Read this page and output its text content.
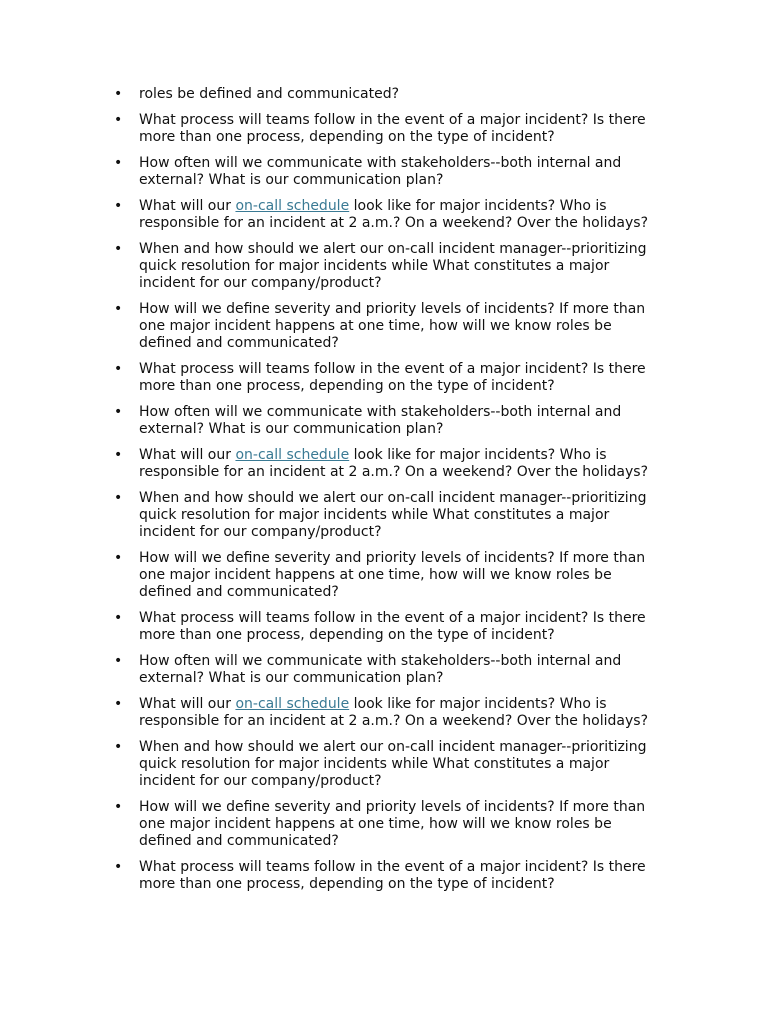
• roles be defined and communicated?
• What process will teams follow in the event of a major incident? Is there more than one process, depending on the type of incident?
• How often will we communicate with stakeholders--both internal and external? What is our communication plan?
• What will our on-call schedule look like for major incidents? Who is responsible for an incident at 2 a.m.? On a weekend? Over the holidays?
• When and how should we alert our on-call incident manager--prioritizing quick resolution for major incidents while What constitutes a major incident for our company/product?
• How will we define severity and priority levels of incidents? If more than one major incident happens at one time, how will we know roles be defined and communicated?
• What process will teams follow in the event of a major incident? Is there more than one process, depending on the type of incident?
• How often will we communicate with stakeholders--both internal and external? What is our communication plan?
• What will our on-call schedule look like for major incidents? Who is responsible for an incident at 2 a.m.? On a weekend? Over the holidays?
• When and how should we alert our on-call incident manager--prioritizing quick resolution for major incidents while What constitutes a major incident for our company/product?
• How will we define severity and priority levels of incidents? If more than one major incident happens at one time, how will we know roles be defined and communicated?
• What process will teams follow in the event of a major incident? Is there more than one process, depending on the type of incident?
• How often will we communicate with stakeholders--both internal and external? What is our communication plan?
• What will our on-call schedule look like for major incidents? Who is responsible for an incident at 2 a.m.? On a weekend? Over the holidays?
• When and how should we alert our on-call incident manager--prioritizing quick resolution for major incidents while What constitutes a major incident for our company/product?
• How will we define severity and priority levels of incidents? If more than one major incident happens at one time, how will we know roles be defined and communicated?
• What process will teams follow in the event of a major incident? Is there more than one process, depending on the type of incident?
